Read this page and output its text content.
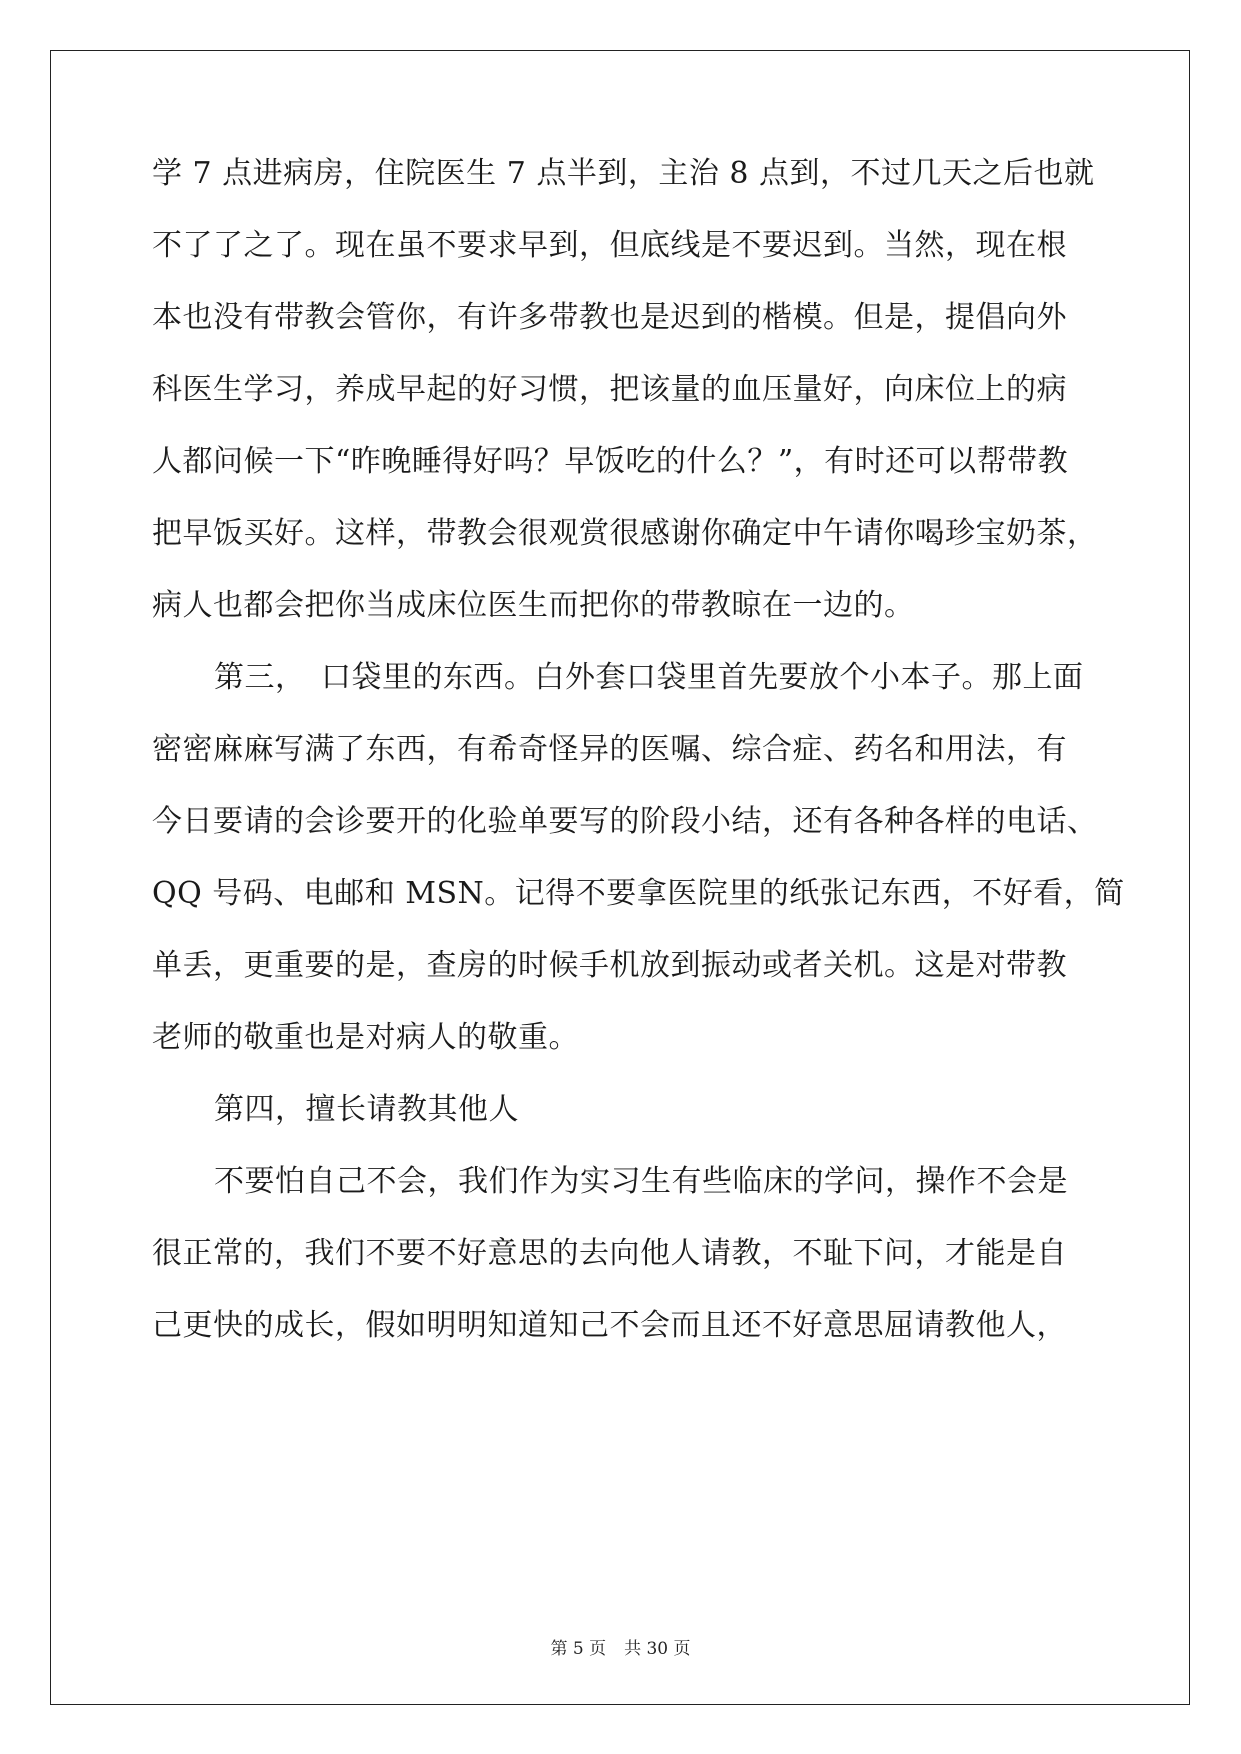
学 7 点进病房，住院医生 7 点半到，主治 8 点到，不过几天之后也就
不了了之了。现在虽不要求早到，但底线是不要迟到。当然，现在根
本也没有带教会管你，有许多带教也是迟到的楷模。但是，提倡向外
科医生学习，养成早起的好习惯，把该量的血压量好，向床位上的病
人都问候一下“昨晚睡得好吗？早饭吃的什么？”，有时还可以帮带教
把早饭买好。这样，带教会很观赏很感谢你确定中午请你喝珍宝奶茶，
病人也都会把你当成床位医生而把你的带教晾在一边的。
第三，　口袋里的东西。白外套口袋里首先要放个小本子。那上面
密密麻麻写满了东西，有希奇怪异的医嘱、综合症、药名和用法，有
今日要请的会诊要开的化验单要写的阶段小结，还有各种各样的电话、
QQ 号码、电邮和 MSN。记得不要拿医院里的纸张记东西，不好看，简
单丢，更重要的是，查房的时候手机放到振动或者关机。这是对带教
老师的敬重也是对病人的敬重。
第四，擅长请教其他人
不要怕自己不会，我们作为实习生有些临床的学问，操作不会是
很正常的，我们不要不好意思的去向他人请教，不耻下问，才能是自
己更快的成长，假如明明知道知己不会而且还不好意思屈请教他人，
第 5 页 共 30 页
